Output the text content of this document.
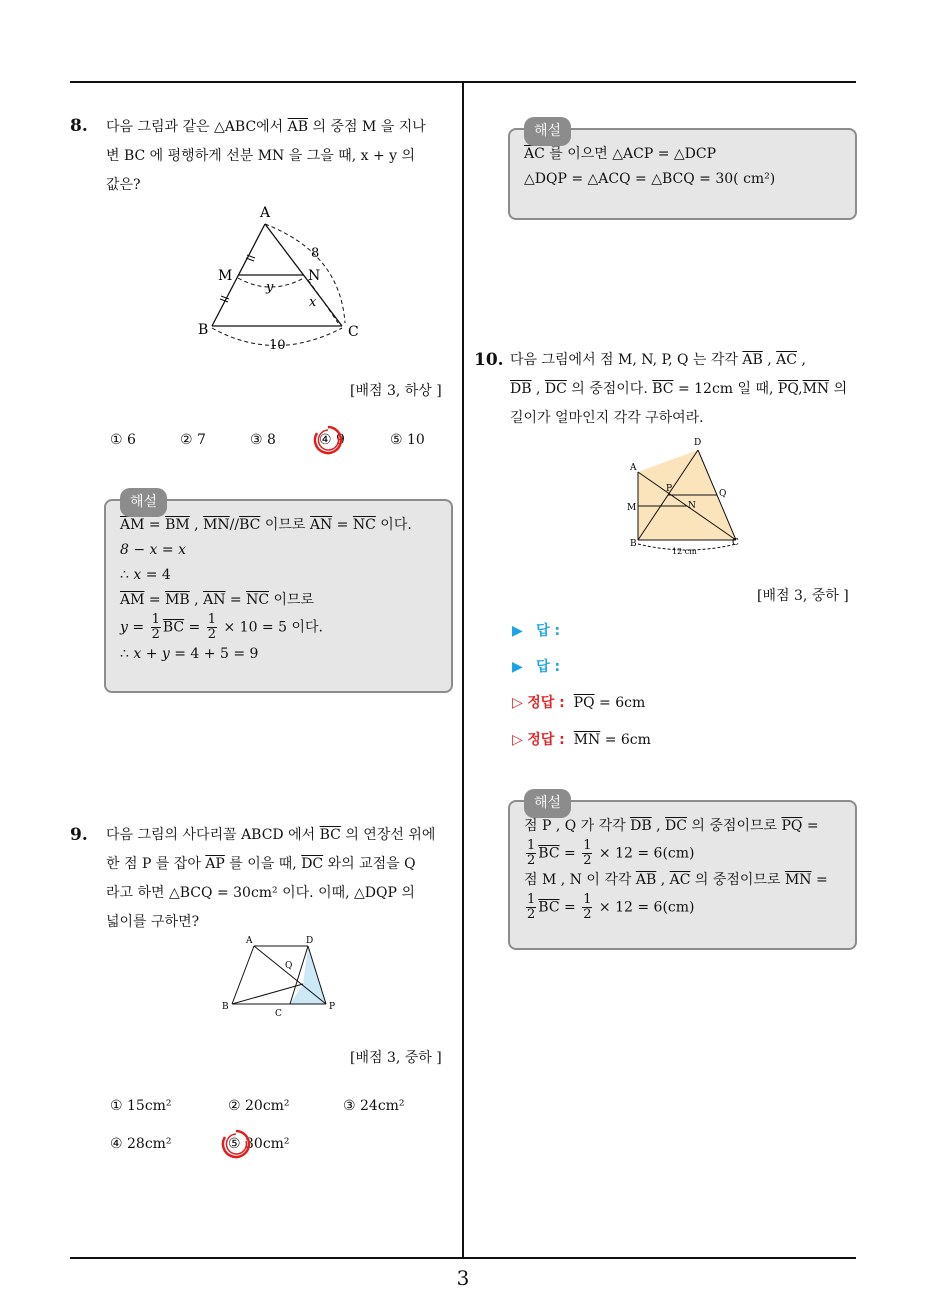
3
8. 다음 그림과 같은 △ABC에서 $\overline{AB}$ 의 중점 M 을 지나
변 BC 에 평행하게 선분 MN 을 그을 때, x + y 의
값은?
A
M	N
B	C
y
x
8
10
[배점 3, 하상 ]
① 6	② 7	③ 8	④ 9	⑤ 10
해설
$\overline{AM} = \overline{BM}$ , $\overline{MN}//\overline{BC}$ 이므로 $\overline{AN} = \overline{NC}$ 이다.
8 − x = x
∴ x = 4
$\overline{AM} = \overline{MB}$ , $\overline{AN} = \overline{NC}$ 이므로
$y = \frac{1}{2} \overline{BC} = \frac{1}{2} \times 10 = 5$ 이다.
∴ x + y = 4 + 5 = 9
9. 다음 그림의 사다리꼴 ABCD 에서 $\overline{BC}$ 의 연장선 위에
한 점 P 를 잡아 $\overline{AP}$ 를 이을 때, $\overline{DC}$ 와의 교점을 Q
라고 하면 △BCQ = 30cm² 이다. 이때, △DQP 의
넓이를 구하면?
A	D
Q
B
C
P
[배점 3, 중하 ]
① 15cm²	② 20cm²	③ 24cm²
④ 28cm²	⑤ 30cm²
해설
$\overline{AC}$ 를 이으면 △ACP = △DCP
△DQP = △ACQ = △BCQ = 30( cm²)
10. 다음 그림에서 점 M, N, P, Q 는 각각 $\overline{AB}$ , $\overline{AC}$ ,
$\overline{DB}$ , $\overline{DC}$ 의 중점이다. $\overline{BC} = 12cm$ 일 때, $\overline{PQ},\overline{MN}$ 의
길이가 얼마인지 각각 구하여라.
D
A
P	Q
M	N
B	C
12 cm
[배점 3, 중하 ]
▶ 답 :
▶ 답 :
▷ 정답 : $\overline{PQ} = 6cm$
▷ 정답 : $\overline{MN} = 6cm$
해설
점 P , Q 가 각각 $\overline{DB}$ , $\overline{DC}$ 의 중점이므로 $\overline{PQ}$ =
$\frac{1}{2} \overline{BC} = \frac{1}{2} \times 12 = 6(cm)$
점 M , N 이 각각 $\overline{AB}$ , $\overline{AC}$ 의 중점이므로 $\overline{MN}$ =
$\frac{1}{2} \overline{BC} = \frac{1}{2} \times 12 = 6(cm)$
